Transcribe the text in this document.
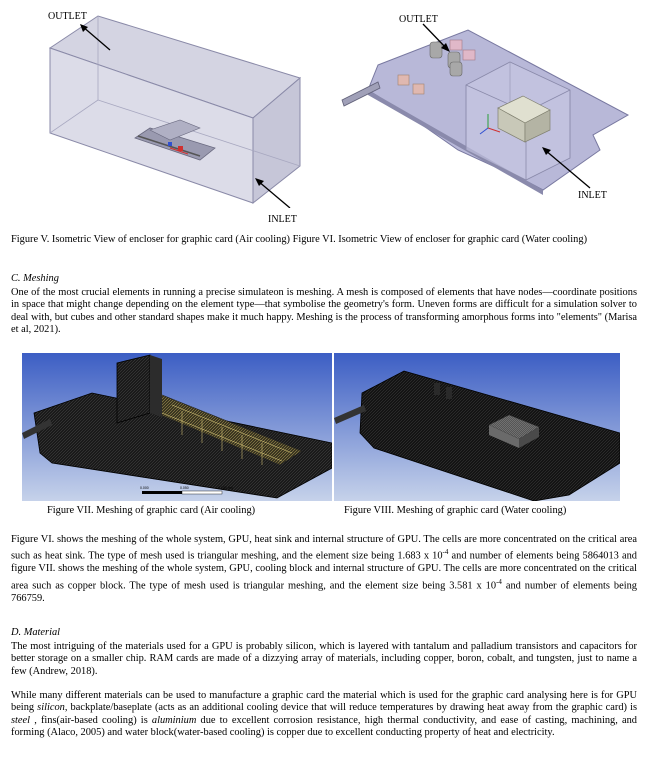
OUTLET
INLET
OUTLET
INLET

Figure V. Isometric View of encloser for graphic card (Air cooling) Figure VI. Isometric View of encloser for graphic card (Water cooling)

C. Meshing

One of the most crucial elements in running a precise simulateon is meshing. A mesh is composed of elements that have nodes—coordinate positions in space that might change depending on the element type—that symbolise the geometry's form. Uneven forms are difficult for a simulation solver to deal with, but cubes and other standard shapes make it much happy. Meshing is the process of transforming amorphous forms into "elements" (Marisa et al, 2021).

0.000	0.050	0.100 (m)

Figure VII. Meshing of graphic card (Air cooling)	Figure VIII. Meshing of graphic card (Water cooling)

Figure VI. shows the meshing of the whole system, GPU, heat sink and internal structure of GPU. The cells are more concentrated on the critical area such as heat sink. The type of mesh used is triangular meshing, and the element size being 1.683 x $10^{-4}$ and number of elements being 5864013 and figure VII. shows the meshing of the whole system, GPU, cooling block and internal structure of GPU. The cells are more concentrated on the critical area such as copper block. The type of mesh used is triangular meshing, and the element size being 3.581 x $10^{-4}$ and number of elements being 766759.

D. Material

The most intriguing of the materials used for a GPU is probably silicon, which is layered with tantalum and palladium transistors and capacitors for better storage on a smaller chip. RAM cards are made of a dizzying array of materials, including copper, boron, cobalt, and tungsten, just to name a few (Andrew, 2018).

While many different materials can be used to manufacture a graphic card the material which is used for the graphic card analysing here is for GPU being silicon, backplate/baseplate (acts as an additional cooling device that will reduce temperatures by drawing heat away from the graphic card) is steel , fins(air-based cooling) is aluminium due to excellent corrosion resistance, high thermal conductivity, and ease of casting, machining, and forming (Alaco, 2005) and water block(water-based cooling) is copper due to excellent conducting property of heat and electricity.
